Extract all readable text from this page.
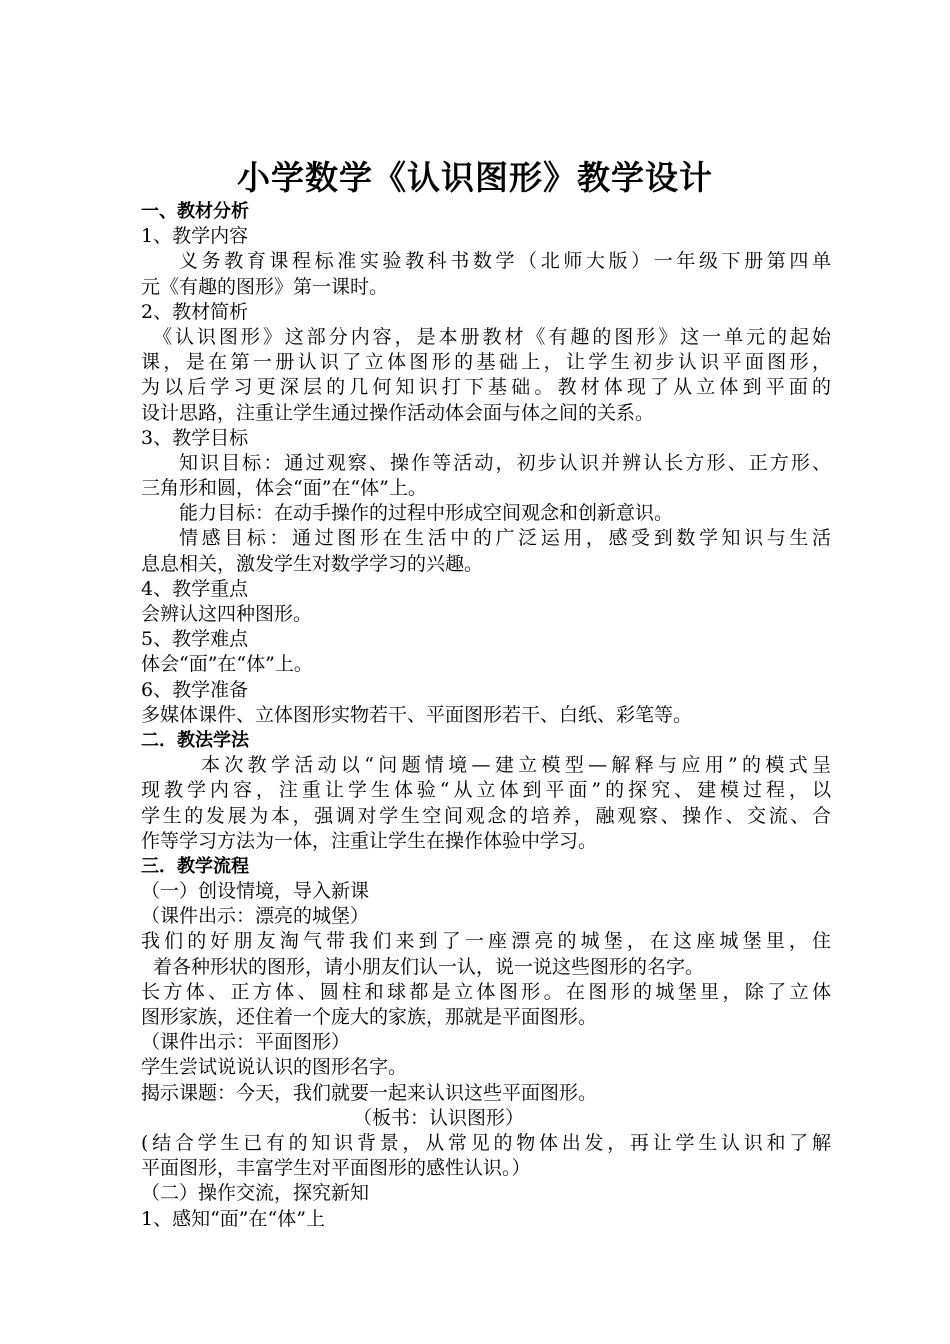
小学数学《认识图形》教学设计
一、教材分析
1、教学内容
义务教育课程标准实验教科书数学（北师大版）一年级下册第四单
元《有趣的图形》第一课时。
2、教材简析
《认识图形》这部分内容，是本册教材《有趣的图形》这一单元的起始
课，是在第一册认识了立体图形的基础上，让学生初步认识平面图形，
为以后学习更深层的几何知识打下基础。教材体现了从立体到平面的
设计思路，注重让学生通过操作活动体会面与体之间的关系。
3、教学目标
知识目标：通过观察、操作等活动，初步认识并辨认长方形、正方形、
三角形和圆，体会“面”在“体”上。
能力目标：在动手操作的过程中形成空间观念和创新意识。
情感目标：通过图形在生活中的广泛运用，感受到数学知识与生活
息息相关，激发学生对数学学习的兴趣。
4、教学重点
会辨认这四种图形。
5、教学难点
体会“面”在“体”上。
6、教学准备
多媒体课件、立体图形实物若干、平面图形若干、白纸、彩笔等。
二．教法学法
本次教学活动以“问题情境—建立模型—解释与应用”的模式呈
现教学内容，注重让学生体验“从立体到平面”的探究、建模过程，以
学生的发展为本，强调对学生空间观念的培养，融观察、操作、交流、合
作等学习方法为一体，注重让学生在操作体验中学习。
三．教学流程
（一）创设情境，导入新课
（课件出示：漂亮的城堡）
我们的好朋友淘气带我们来到了一座漂亮的城堡，在这座城堡里，住
着各种形状的图形，请小朋友们认一认，说一说这些图形的名字。
长方体、正方体、圆柱和球都是立体图形。在图形的城堡里，除了立体
图形家族，还住着一个庞大的家族，那就是平面图形。
（课件出示：平面图形）
学生尝试说说认识的图形名字。
揭示课题：今天，我们就要一起来认识这些平面图形。
（板书：认识图形）
(结合学生已有的知识背景，从常见的物体出发，再让学生认识和了解
平面图形，丰富学生对平面图形的感性认识。）
（二）操作交流，探究新知
1、感知“面”在“体”上
